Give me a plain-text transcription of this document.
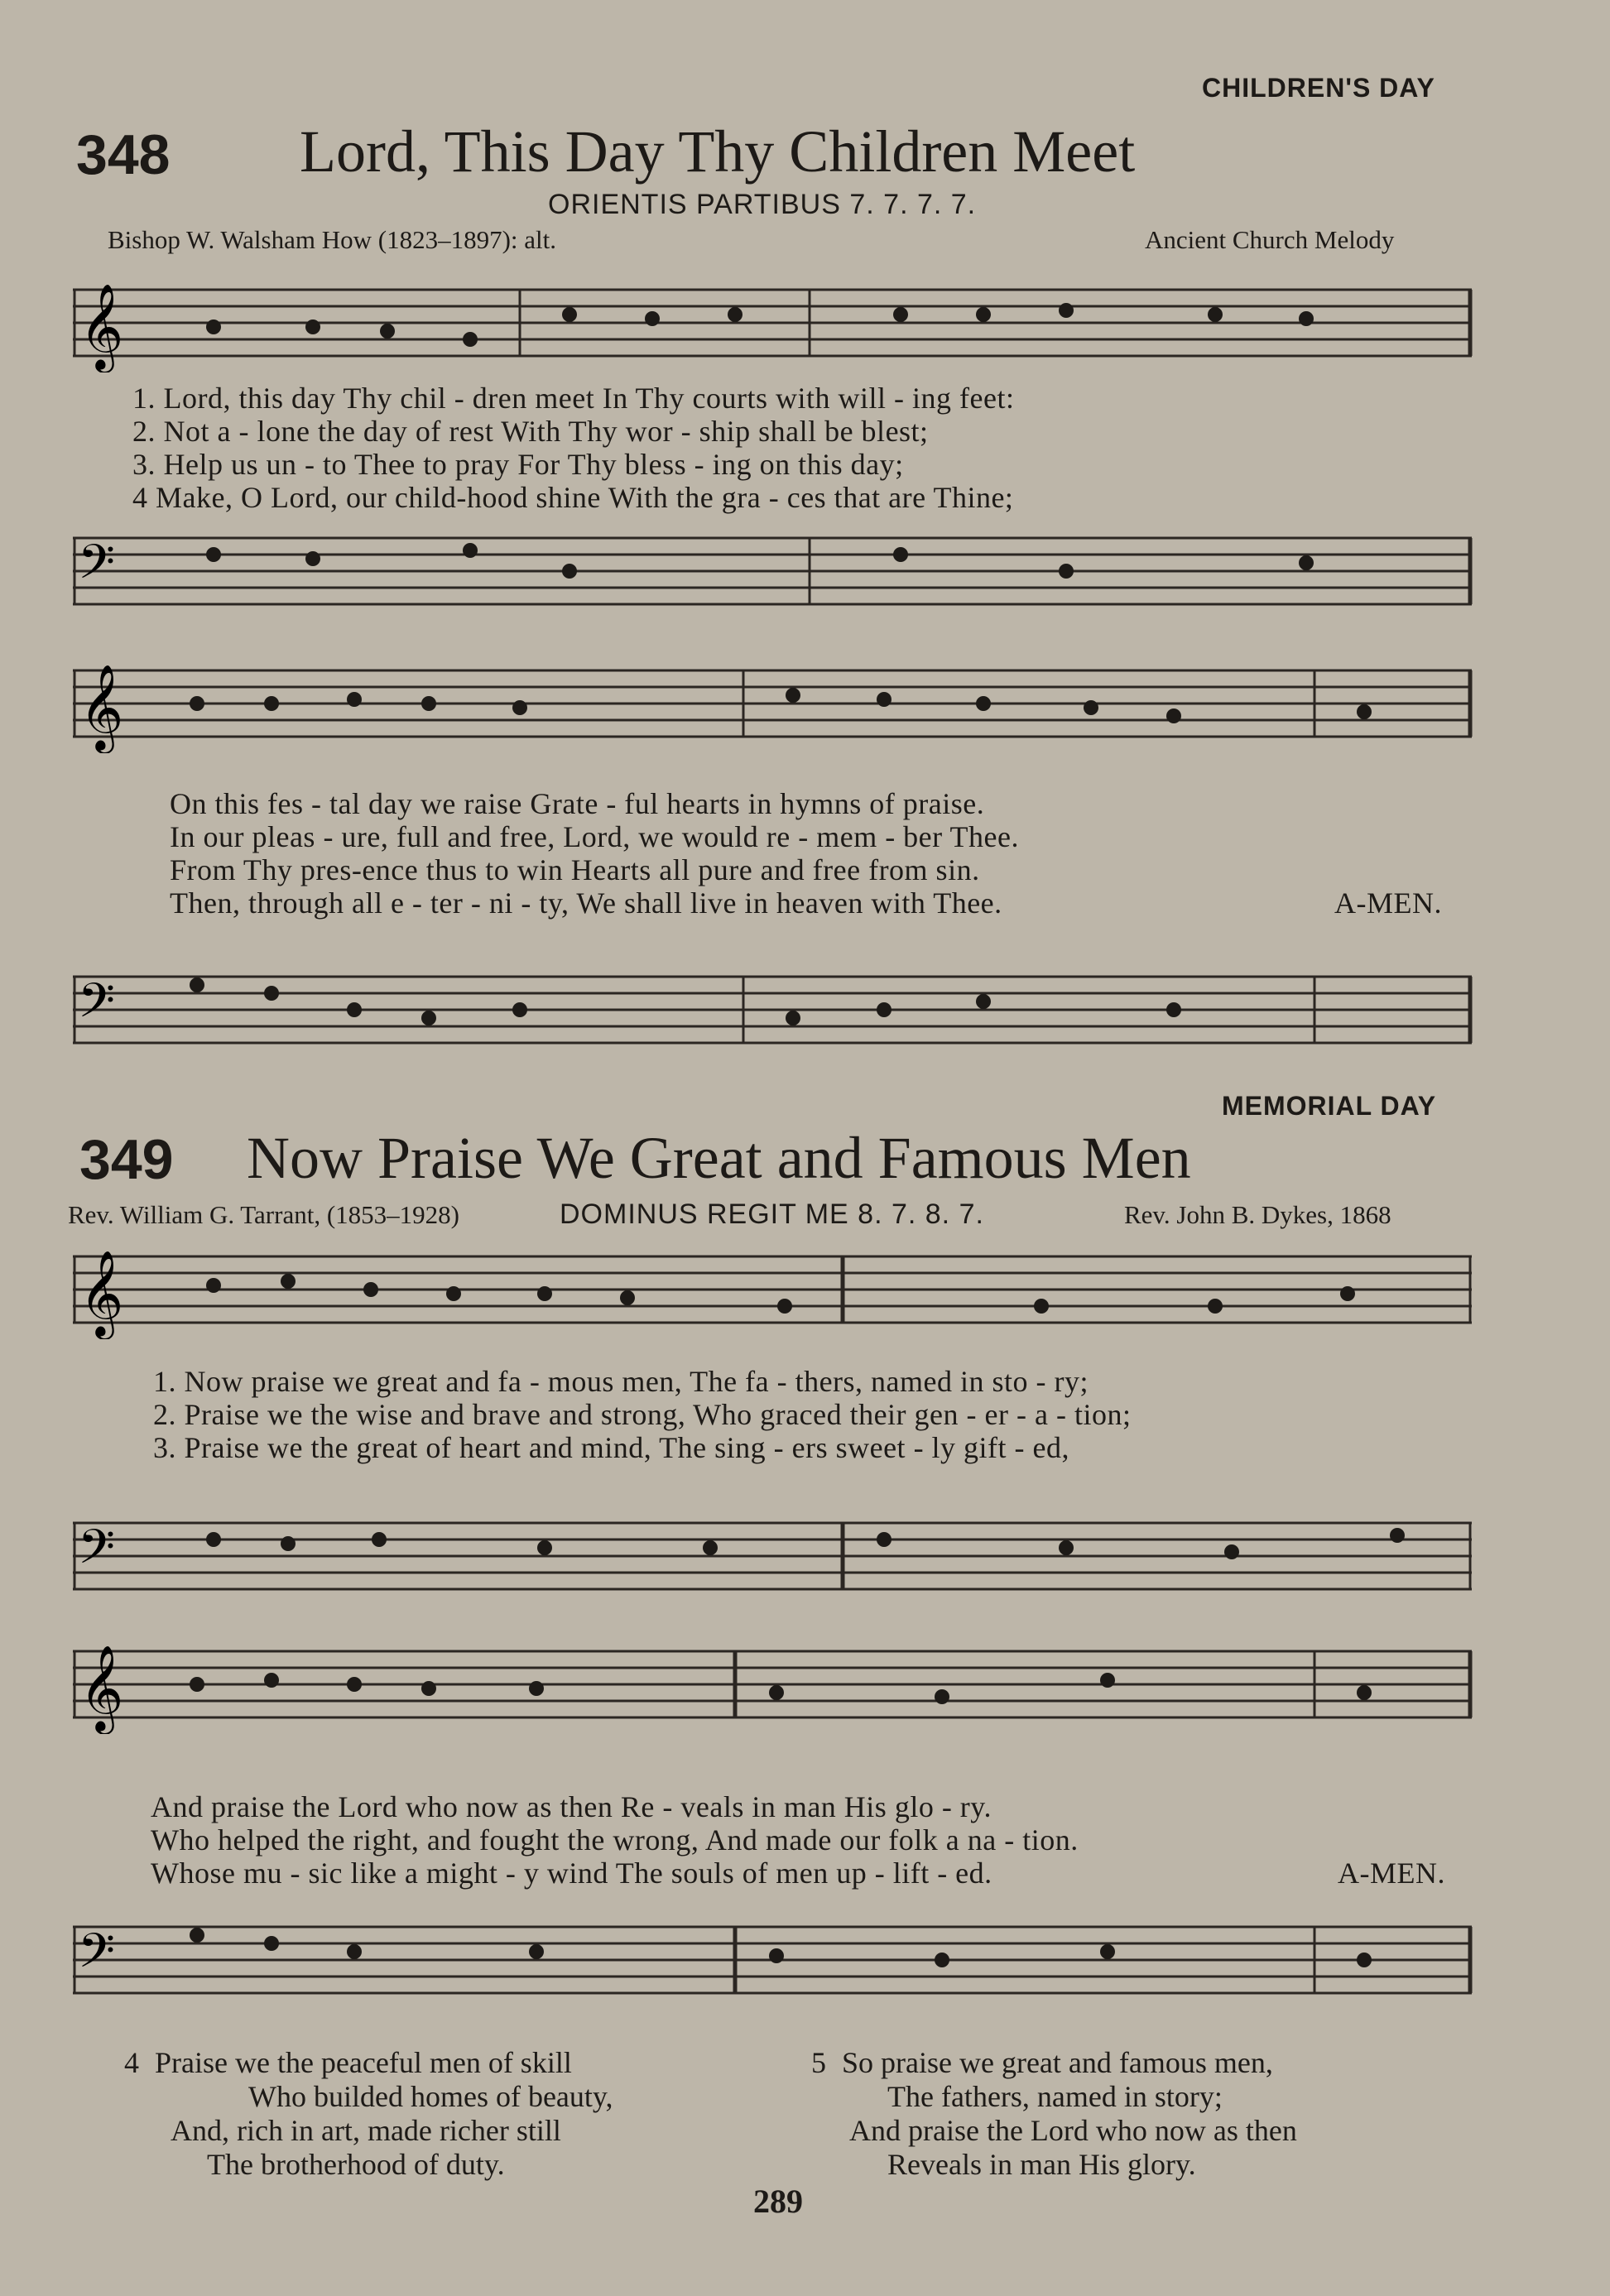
CHILDREN'S DAY
348 Lord, This Day Thy Children Meet
ORIENTIS PARTIBUS 7. 7. 7. 7.
Bishop W. Walsham How (1823–1897): alt.	Ancient Church Melody
𝄞
1. Lord, this day Thy chil - dren meet In Thy courts with will - ing feet:
2. Not a - lone the day of rest With Thy wor - ship shall be blest;
3. Help us un - to Thee to pray For Thy bless - ing on this day;
4 Make, O Lord, our child-hood shine With the gra - ces that are Thine;
𝄢
𝄞
On this fes - tal day we raise Grate - ful hearts in hymns of praise.
In our pleas - ure, full and free, Lord, we would re - mem - ber Thee.
From Thy pres-ence thus to win Hearts all pure and free from sin.
Then, through all e - ter - ni - ty, We shall live in heaven with Thee.	A-MEN.
𝄢
MEMORIAL DAY
349 Now Praise We Great and Famous Men
Rev. William G. Tarrant, (1853–1928)	DOMINUS REGIT ME 8. 7. 8. 7.	Rev. John B. Dykes, 1868
𝄞
1. Now praise we great and fa - mous men, The fa - thers, named in sto - ry;
2. Praise we the wise and brave and strong, Who graced their gen - er - a - tion;
3. Praise we the great of heart and mind, The sing - ers sweet - ly gift - ed,
𝄢
𝄞
And praise the Lord who now as then Re - veals in man His glo - ry.
Who helped the right, and fought the wrong, And made our folk a na - tion.
Whose mu - sic like a might - y wind The souls of men up - lift - ed.	A-MEN.
𝄢
4 Praise we the peaceful men of skill
Who builded homes of beauty,
And, rich in art, made richer still
The brotherhood of duty.
5 So praise we great and famous men,
The fathers, named in story;
And praise the Lord who now as then
Reveals in man His glory.
289
